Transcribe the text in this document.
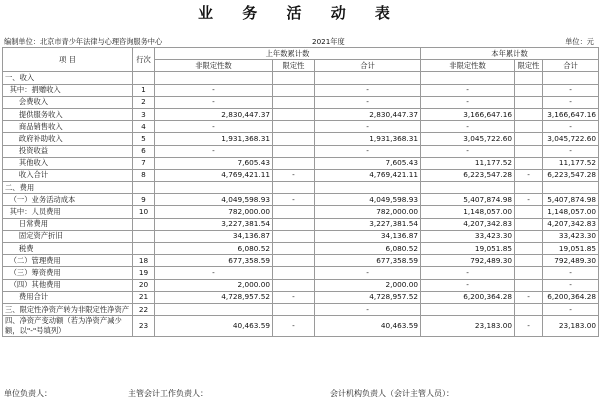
业 务 活 动 表
编制单位：北京市青少年法律与心理咨询服务中心	2021年度	单位：元
项 目	行次	上年数累计数			本年累计数		
		非限定性数	限定性	合计	非限定性数	限定性	合计
一、收入							
其中：捐赠收入	1	-		-	-		-
会费收入	2	-		-	-		-
提供服务收入	3	2,830,447.37		2,830,447.37	3,166,647.16		3,166,647.16
商品销售收入	4	-		-	-		-
政府补助收入	5	1,931,368.31		1,931,368.31	3,045,722.60		3,045,722.60
投资收益	6	-		-	-		-
其他收入	7	7,605.43		7,605.43	11,177.52		11,177.52
收入合计	8	4,769,421.11	-	4,769,421.11	6,223,547.28	-	6,223,547.28
二、费用							
（一）业务活动成本	9	4,049,598.93	-	4,049,598.93	5,407,874.98	-	5,407,874.98
其中：人员费用	10	782,000.00		782,000.00	1,148,057.00		1,148,057.00
日常费用		3,227,381.54		3,227,381.54	4,207,342.83		4,207,342.83
固定资产折旧		34,136.87		34,136.87	33,423.30		33,423.30
税费		6,080.52		6,080.52	19,051.85		19,051.85
（二）管理费用	18	677,358.59		677,358.59	792,489.30		792,489.30
（三）筹资费用	19	-		-	-		-
（四）其他费用	20	2,000.00		2,000.00	-		-
费用合计	21	4,728,957.52	-	4,728,957.52	6,200,364.28	-	6,200,364.28
三、限定性净资产转为非限定性净资产	22			-			-
四、净资产变动额（若为净资产减少额，以"-"号填列）	23	40,463.59	-	40,463.59	23,183.00	-	23,183.00
单位负责人：	主管会计工作负责人：	会计机构负责人（会计主管人员）：
